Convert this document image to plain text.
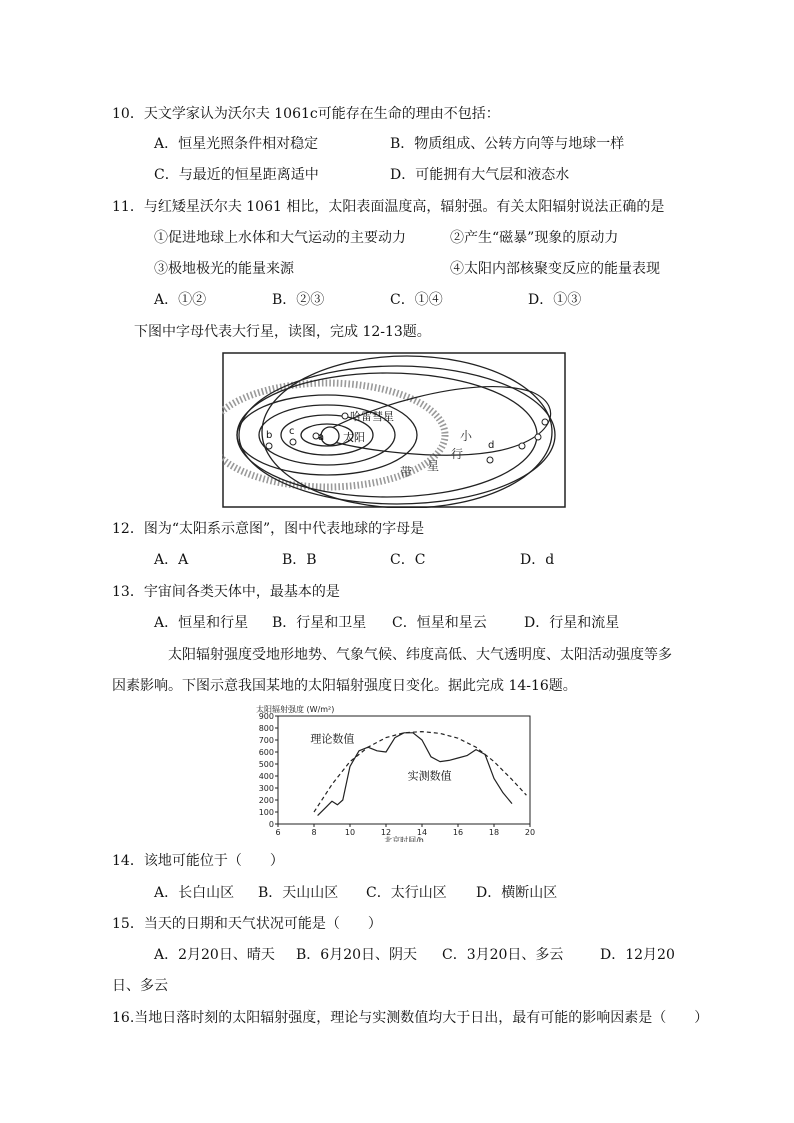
10．天文学家认为沃尔夫 1061c可能存在生命的理由不包括：
A．恒星光照条件相对稳定	B．物质组成、公转方向等与地球一样
C．与最近的恒星距离适中	D．可能拥有大气层和液态水
11．与红矮星沃尔夫 1061 相比，太阳表面温度高，辐射强。有关太阳辐射说法正确的是
①促进地球上水体和大气运动的主要动力	②产生“磁暴”现象的原动力
③极地极光的能量来源	④太阳内部核聚变反应的能量表现
A．①②	B．②③	C．①④	D．①③
下图中字母代表大行星，读图，完成 12-13题。
哈雷彗星
a 太阳
c
b
d
小
行
星
带
12．图为“太阳系示意图”，图中代表地球的字母是
A．A	B．B	C．C	D．d
13．宇宙间各类天体中，最基本的是
A．恒星和行星 B．行星和卫星 C．恒星和星云	D．行星和流星
太阳辐射强度受地形地势、气象气候、纬度高低、大气透明度、太阳活动强度等多
因素影响。下图示意我国某地的太阳辐射强度日变化。据此完成 14-16题。
900
800
700
600
500
400
300
200
100
0
6	8	10	12	14	16	18	20
太阳辐射强度 (W/m²)
北京时间/h
理论数值
实测数值
14．该地可能位于（　　）
A．长白山区 B．天山山区 C．太行山区 D．横断山区
15．当天的日期和天气状况可能是（　　）
A．2月20日、晴天 B．6月20日、阴天 C．3月20日、多云	D．12月20
日、多云
16.当地日落时刻的太阳辐射强度，理论与实测数值均大于日出，最有可能的影响因素是（　　）
